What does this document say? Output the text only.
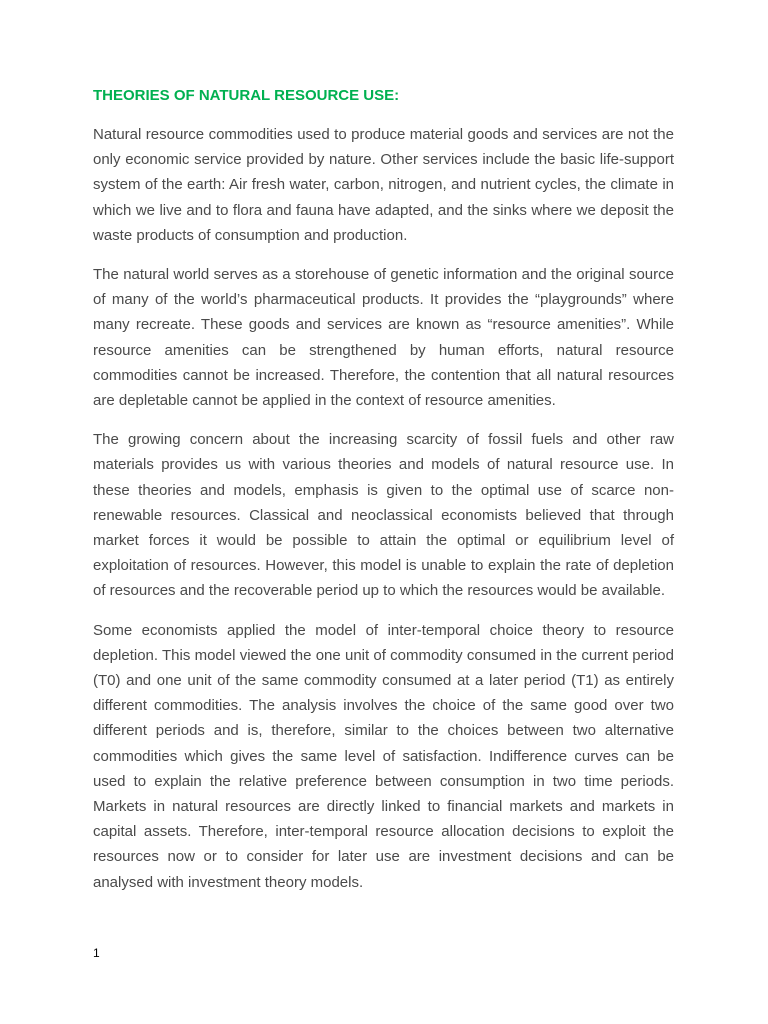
THEORIES OF NATURAL RESOURCE USE:

Natural resource commodities used to produce material goods and services are not the only economic service provided by nature. Other services include the basic life-support system of the earth: Air fresh water, carbon, nitrogen, and nutrient cycles, the climate in which we live and to flora and fauna have adapted, and the sinks where we deposit the waste products of consumption and production.

The natural world serves as a storehouse of genetic information and the original source of many of the world’s pharmaceutical products. It provides the “playgrounds” where many recreate. These goods and services are known as “resource amenities”. While resource amenities can be strengthened by human efforts, natural resource commodities cannot be increased. Therefore, the contention that all natural resources are depletable cannot be applied in the context of resource amenities.

The growing concern about the increasing scarcity of fossil fuels and other raw materials provides us with various theories and models of natural resource use. In these theories and models, emphasis is given to the optimal use of scarce non-renewable resources. Classical and neoclassical economists believed that through market forces it would be possible to attain the optimal or equilibrium level of exploitation of resources. However, this model is unable to explain the rate of depletion of resources and the recoverable period up to which the resources would be available.

Some economists applied the model of inter-temporal choice theory to resource depletion. This model viewed the one unit of commodity consumed in the current period (T0) and one unit of the same commodity consumed at a later period (T1) as entirely different commodities. The analysis involves the choice of the same good over two different periods and is, therefore, similar to the choices between two alternative commodities which gives the same level of satisfaction. Indifference curves can be used to explain the relative preference between consumption in two time periods. Markets in natural resources are directly linked to financial markets and markets in capital assets. Therefore, inter-temporal resource allocation decisions to exploit the resources now or to consider for later use are investment decisions and can be analysed with investment theory models.

1
